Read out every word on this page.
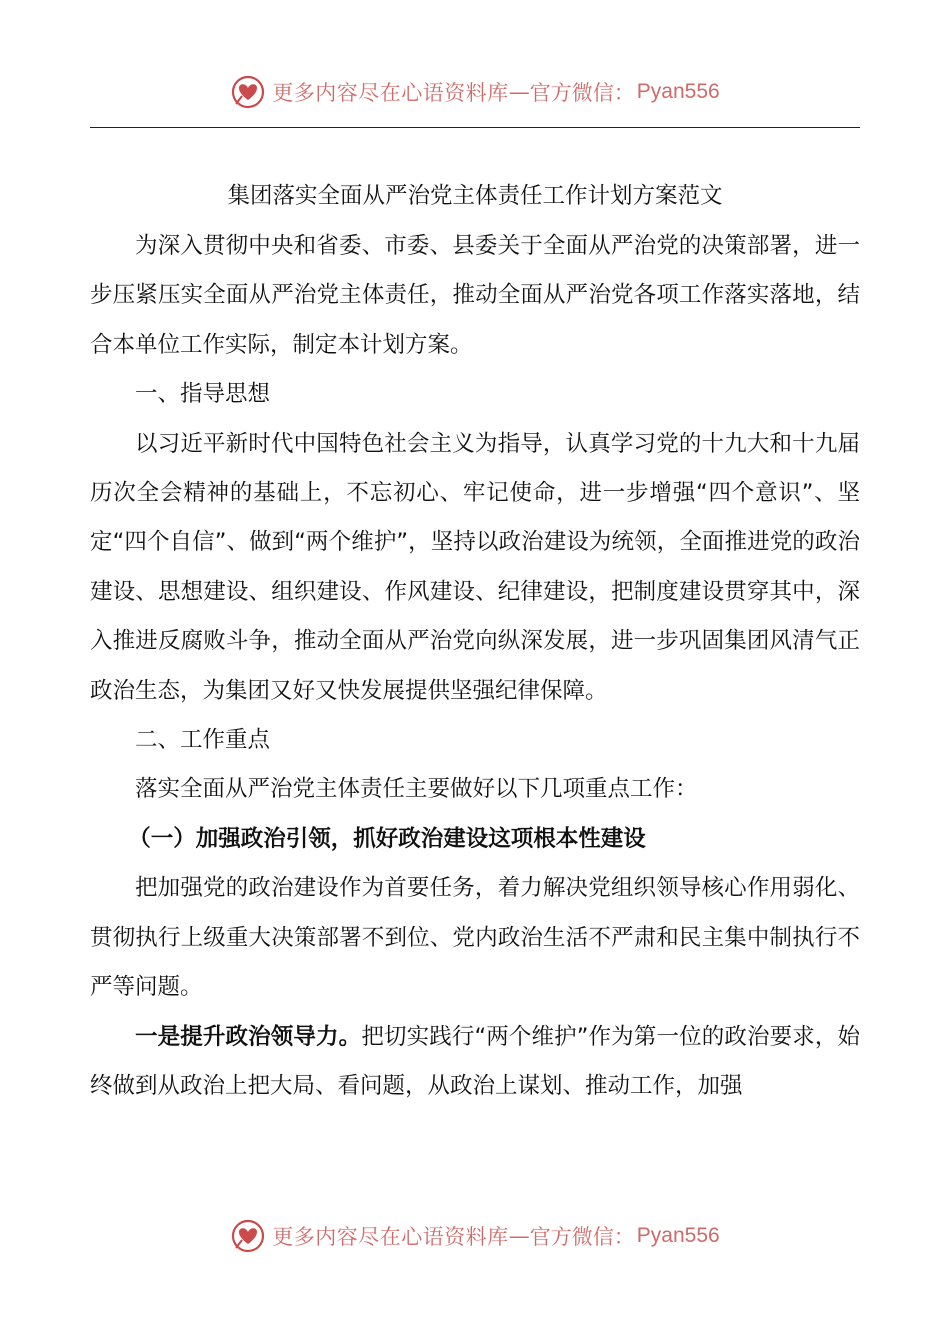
更多内容尽在心语资料库 — 官方微信： Pyan556
集团落实全面从严治党主体责任工作计划方案范文

为深入贯彻中央和省委、市委、县委关于全面从严治党的决策部署，进一步压紧压实全面从严治党主体责任，推动全面从严治党各项工作落实落地，结合本单位工作实际，制定本计划方案。

一、指导思想

以习近平新时代中国特色社会主义为指导，认真学习党的十九大和十九届历次全会精神的基础上，不忘初心、牢记使命，进一步增强“四个意识”、坚定“四个自信”、做到“两个维护”，坚持以政治建设为统领，全面推进党的政治建设、思想建设、组织建设、作风建设、纪律建设，把制度建设贯穿其中，深入推进反腐败斗争，推动全面从严治党向纵深发展，进一步巩固集团风清气正政治生态，为集团又好又快发展提供坚强纪律保障。

二、工作重点

落实全面从严治党主体责任主要做好以下几项重点工作：

（一）加强政治引领，抓好政治建设这项根本性建设

把加强党的政治建设作为首要任务，着力解决党组织领导核心作用弱化、贯彻执行上级重大决策部署不到位、党内政治生活不严肃和民主集中制执行不严等问题。

一是提升政治领导力。把切实践行“两个维护”作为第一位的政治要求，始终做到从政治上把大局、看问题，从政治上谋划、推动工作，加强

更多内容尽在心语资料库 — 官方微信： Pyan556
